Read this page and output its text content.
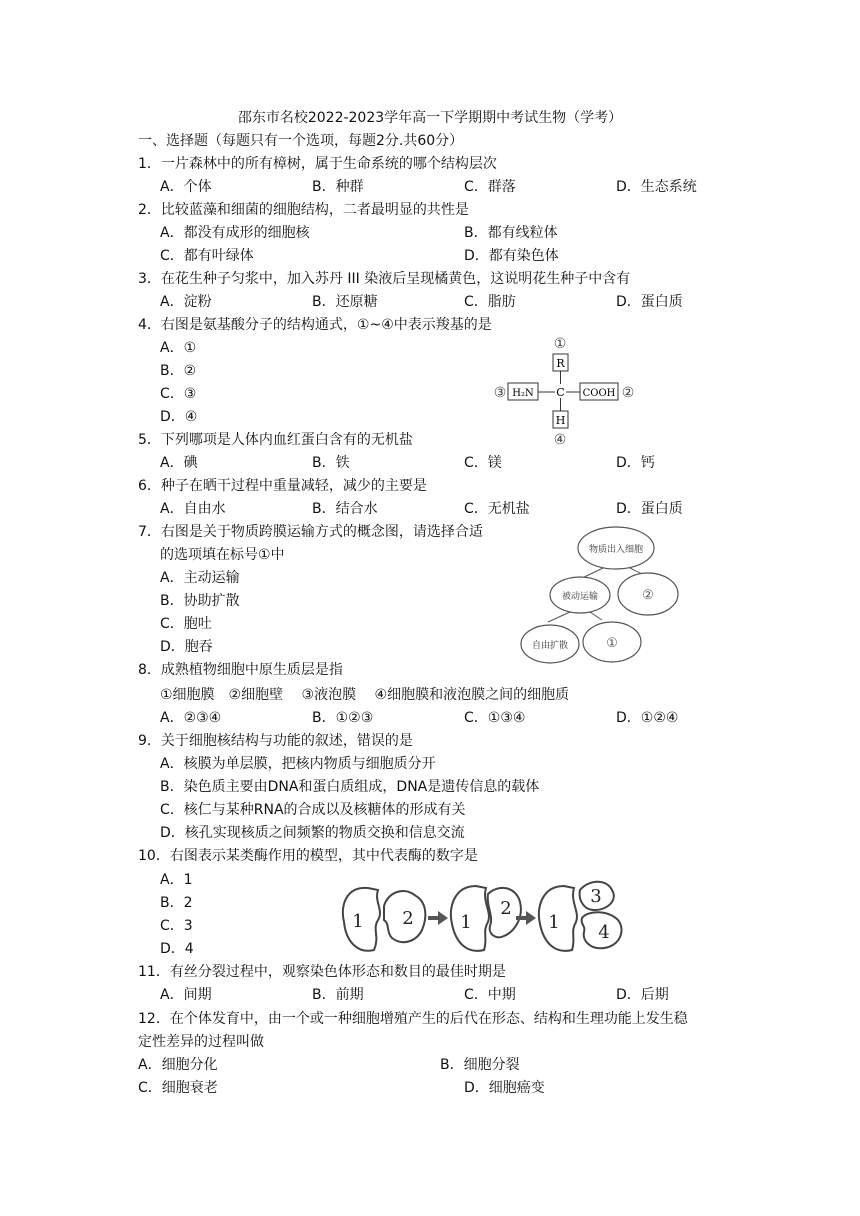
邵东市名校2022-2023学年高一下学期期中考试生物（学考）
一、选择题（每题只有一个选项，每题2分.共60分）
1．一片森林中的所有樟树，属于生命系统的哪个结构层次
A．个体	B．种群	C．群落	D．生态系统
2．比较蓝藻和细菌的细胞结构，二者最明显的共性是
A．都没有成形的细胞核	B．都有线粒体
C．都有叶绿体	D．都有染色体
3．在花生种子匀浆中，加入苏丹 III 染液后呈现橘黄色，这说明花生种子中含有
A．淀粉	B．还原糖	C．脂肪	D．蛋白质
4．右图是氨基酸分子的结构通式，①~④中表示羧基的是
A．①
B．②
C．③
D．④
①
R
③ H₂N C COOH ②
H
④
5．下列哪项是人体内血红蛋白含有的无机盐
A．碘	B．铁	C．镁	D．钙
6．种子在晒干过程中重量减轻，减少的主要是
A．自由水	B．结合水	C．无机盐	D．蛋白质
7．右图是关于物质跨膜运输方式的概念图，请选择合适
的选项填在标号①中
A．主动运输
B．协助扩散
C．胞吐
D．胞吞
物质出入细胞
被动运输	②
自由扩散	①
8．成熟植物细胞中原生质层是指
①细胞膜　②细胞壁　 ③液泡膜　 ④细胞膜和液泡膜之间的细胞质
A．②③④	B．①②③	C．①③④	D．①②④
9．关于细胞核结构与功能的叙述，错误的是
A．核膜为单层膜，把核内物质与细胞质分开
B．染色质主要由DNA和蛋白质组成，DNA是遗传信息的载体
C．核仁与某种RNA的合成以及核糖体的形成有关
D．核孔实现核质之间频繁的物质交换和信息交流
10．右图表示某类酶作用的模型，其中代表酶的数字是
A．1
B．2
C．3
D．4
1 2	1
2
1
3
4
11．有丝分裂过程中，观察染色体形态和数目的最佳时期是
A．间期	B．前期	C．中期	D．后期
12．在个体发育中，由一个或一种细胞增殖产生的后代在形态、结构和生理功能上发生稳
定性差异的过程叫做
A．细胞分化	B．细胞分裂
C．细胞衰老	D．细胞癌变
